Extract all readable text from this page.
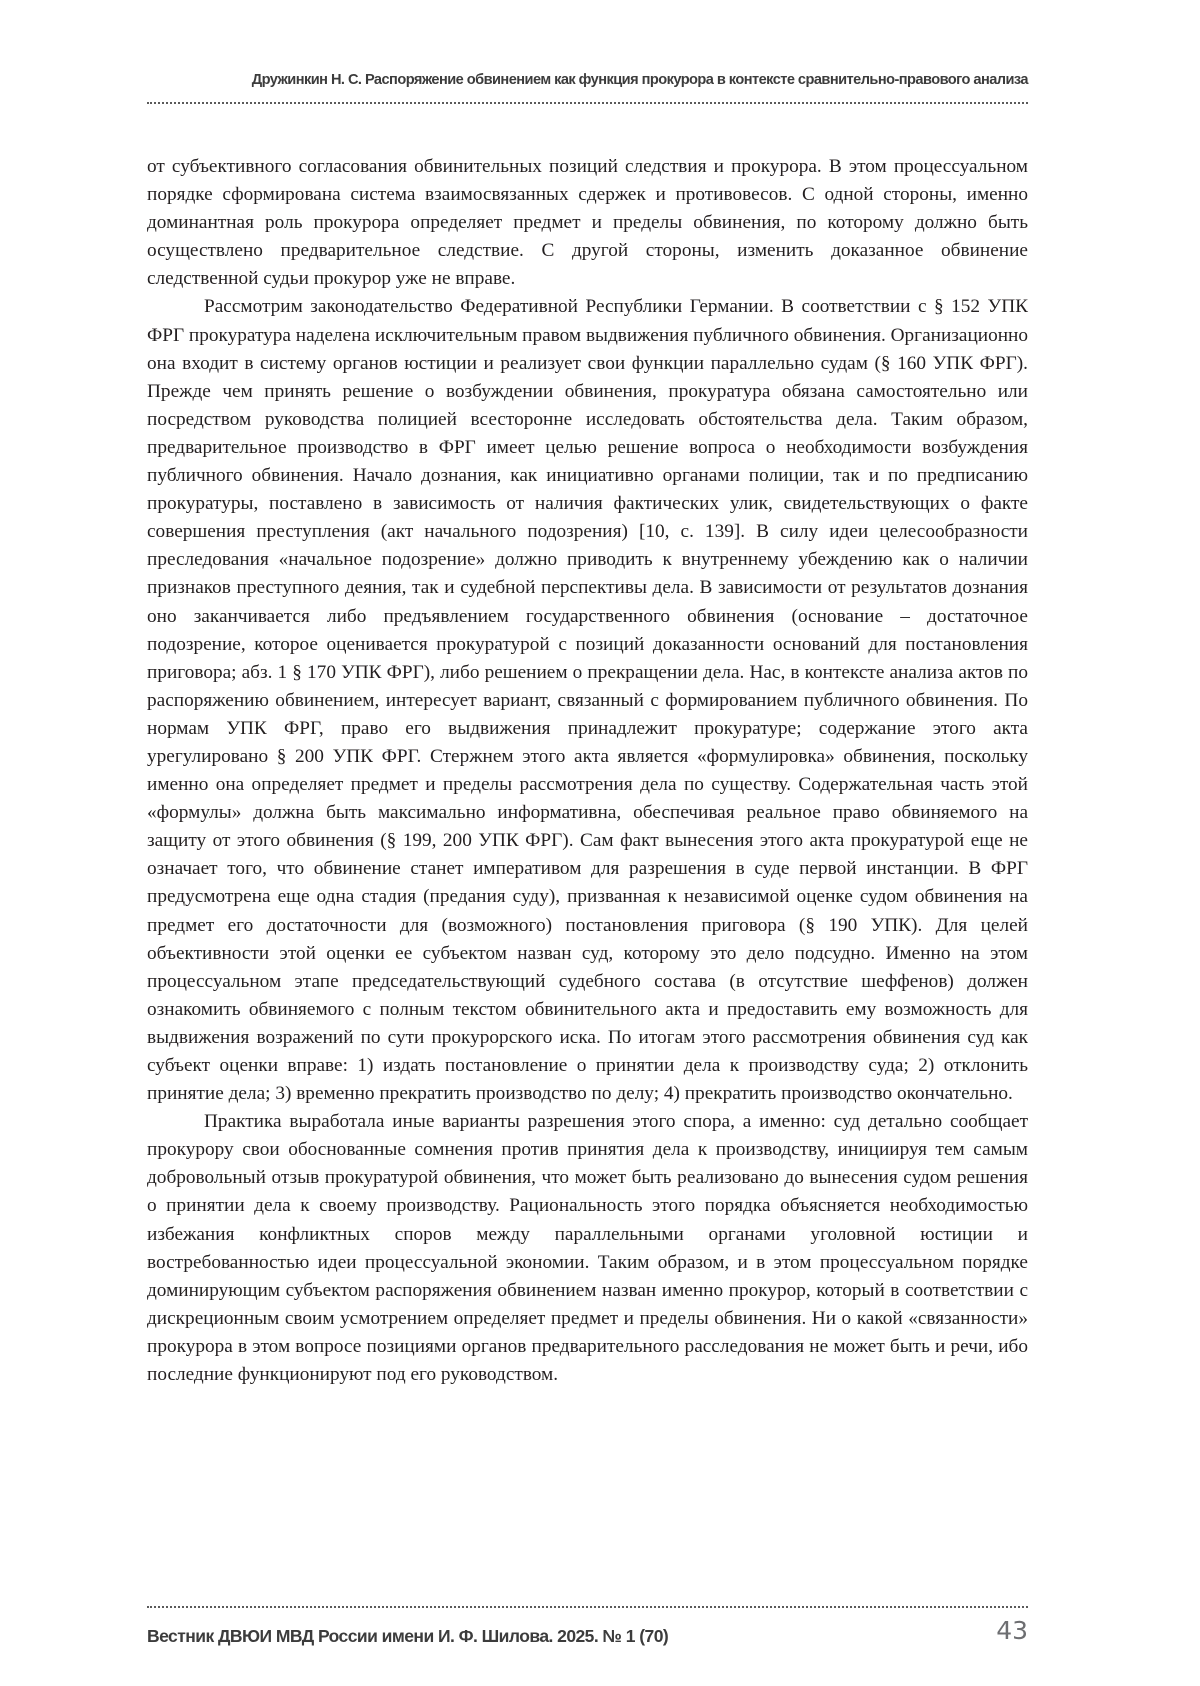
Дружинкин Н. С. Распоряжение обвинением как функция прокурора в контексте сравнительно-правового анализа

от субъективного согласования обвинительных позиций следствия и прокурора. В этом процессуальном порядке сформирована система взаимосвязанных сдержек и противовесов. С одной стороны, именно доминантная роль прокурора определяет предмет и пределы обвинения, по которому должно быть осуществлено предварительное следствие. С другой стороны, изменить доказанное обвинение следственной судьи прокурор уже не вправе.

Рассмотрим законодательство Федеративной Республики Германии. В соответствии с § 152 УПК ФРГ прокуратура наделена исключительным правом выдвижения публичного обвинения. Организационно она входит в систему органов юстиции и реализует свои функции параллельно судам (§ 160 УПК ФРГ). Прежде чем принять решение о возбуждении обвинения, прокуратура обязана самостоятельно или посредством руководства полицией всесторонне исследовать обстоятельства дела. Таким образом, предварительное производство в ФРГ имеет целью решение вопроса о необходимости возбуждения публичного обвинения. Начало дознания, как инициативно органами полиции, так и по предписанию прокуратуры, поставлено в зависимость от наличия фактических улик, свидетельствующих о факте совершения преступления (акт начального подозрения) [10, с. 139]. В силу идеи целесообразности преследования «начальное подозрение» должно приводить к внутреннему убеждению как о наличии признаков преступного деяния, так и судебной перспективы дела. В зависимости от результатов дознания оно заканчивается либо предъявлением государственного обвинения (основание – достаточное подозрение, которое оценивается прокуратурой с позиций доказанности оснований для постановления приговора; абз. 1 § 170 УПК ФРГ), либо решением о прекращении дела. Нас, в контексте анализа актов по распоряжению обвинением, интересует вариант, связанный с формированием публичного обвинения. По нормам УПК ФРГ, право его выдвижения принадлежит прокуратуре; содержание этого акта урегулировано § 200 УПК ФРГ. Стержнем этого акта является «формулировка» обвинения, поскольку именно она определяет предмет и пределы рассмотрения дела по существу. Содержательная часть этой «формулы» должна быть максимально информативна, обеспечивая реальное право обвиняемого на защиту от этого обвинения (§ 199, 200 УПК ФРГ). Сам факт вынесения этого акта прокуратурой еще не означает того, что обвинение станет императивом для разрешения в суде первой инстанции. В ФРГ предусмотрена еще одна стадия (предания суду), призванная к независимой оценке судом обвинения на предмет его достаточности для (возможного) постановления приговора (§ 190 УПК). Для целей объективности этой оценки ее субъектом назван суд, которому это дело подсудно. Именно на этом процессуальном этапе председательствующий судебного состава (в отсутствие шеффенов) должен ознакомить обвиняемого с полным текстом обвинительного акта и предоставить ему возможность для выдвижения возражений по сути прокурорского иска. По итогам этого рассмотрения обвинения суд как субъект оценки вправе: 1) издать постановление о принятии дела к производству суда; 2) отклонить принятие дела; 3) временно прекратить производство по делу; 4) прекратить производство окончательно.

Практика выработала иные варианты разрешения этого спора, а именно: суд детально сообщает прокурору свои обоснованные сомнения против принятия дела к производству, инициируя тем самым добровольный отзыв прокуратурой обвинения, что может быть реализовано до вынесения судом решения о принятии дела к своему производству. Рациональность этого порядка объясняется необходимостью избежания конфликтных споров между параллельными органами уголовной юстиции и востребованностью идеи процессуальной экономии. Таким образом, и в этом процессуальном порядке доминирующим субъектом распоряжения обвинением назван именно прокурор, который в соответствии с дискреционным своим усмотрением определяет предмет и пределы обвинения. Ни о какой «связанности» прокурора в этом вопросе позициями органов предварительного расследования не может быть и речи, ибо последние функционируют под его руководством.

Вестник ДВЮИ МВД России имени И. Ф. Шилова. 2025. № 1 (70)	43
